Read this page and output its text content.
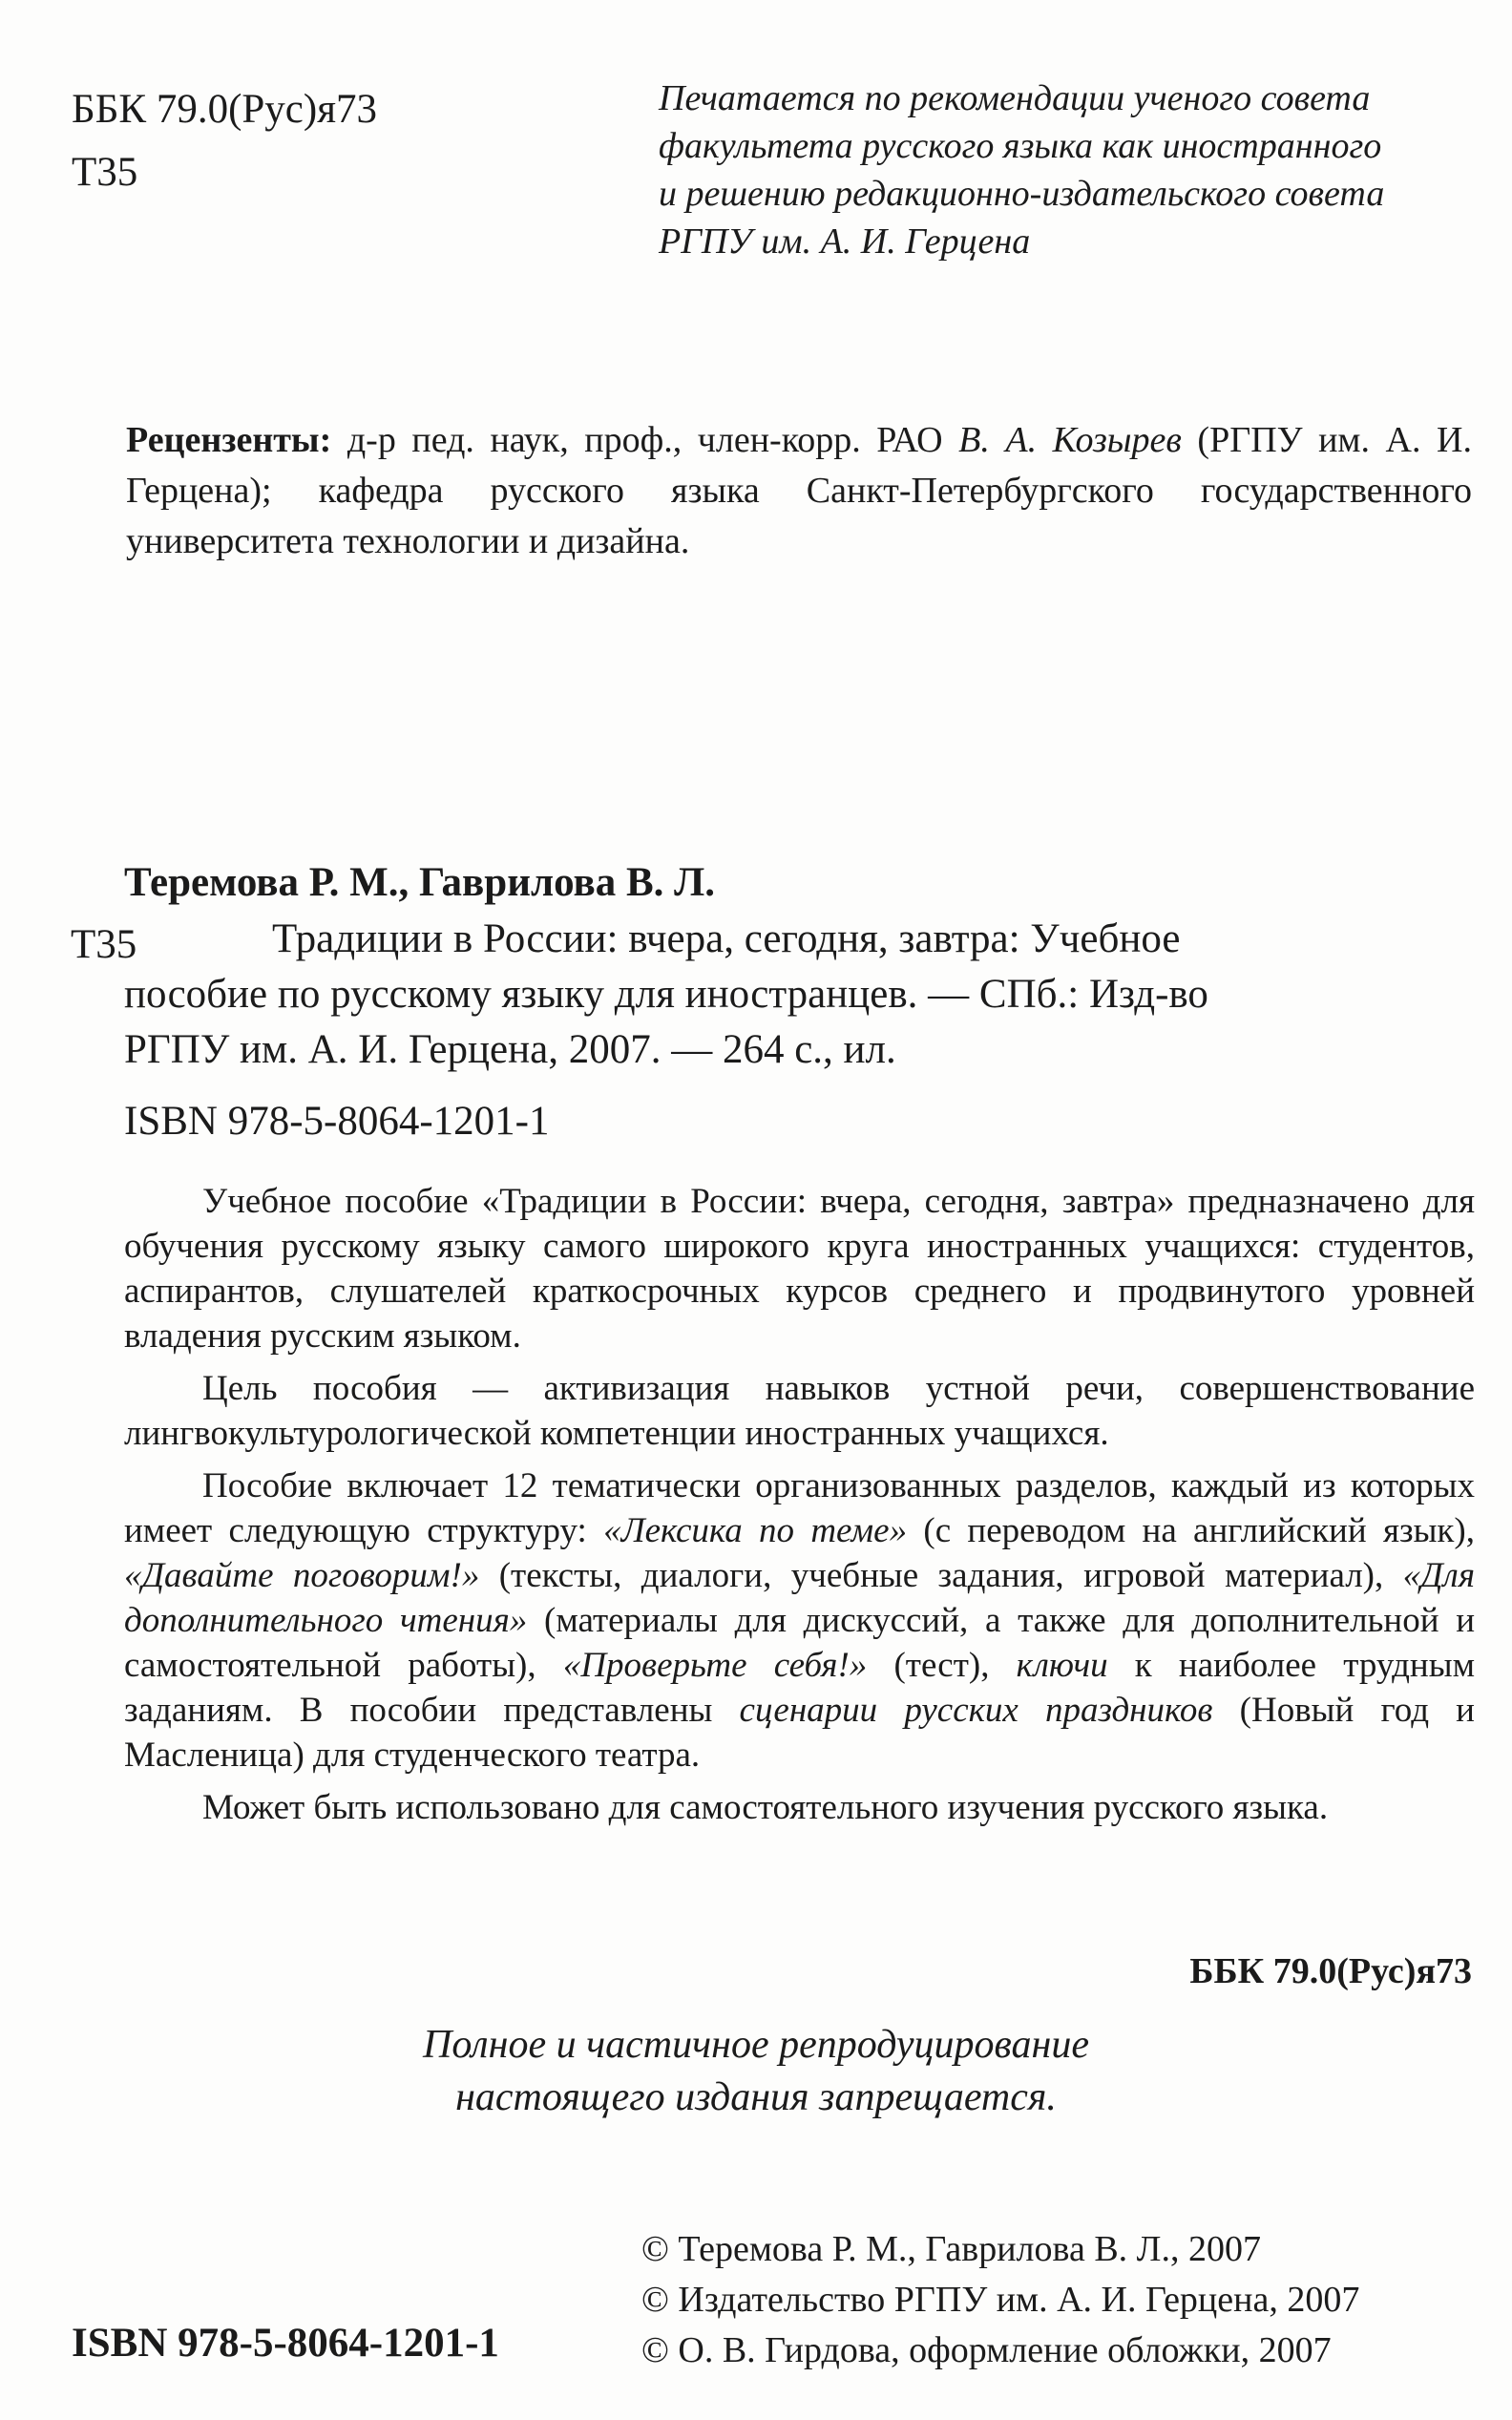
ББК 79.0(Рус)я73
Т35
Печатается по рекомендации ученого совета
факультета русского языка как иностранного
и решению редакционно-издательского совета
РГПУ им. А. И. Герцена
Рецензенты: д-р пед. наук, проф., член-корр. РАО В. А. Козырев (РГПУ им. А. И. Герцена); кафедра русского языка Санкт-Петербургского государственного университета технологии и дизайна.
Теремова Р. М., Гаврилова В. Л.
Т35	Традиции в России: вчера, сегодня, завтра: Учебное
пособие по русскому языку для иностранцев. — СПб.: Изд-во
РГПУ им. А. И. Герцена, 2007. — 264 с., ил.
ISBN 978-5-8064-1201-1

Учебное пособие «Традиции в России: вчера, сегодня, завтра» предназначено для обучения русскому языку самого широкого круга иностранных учащихся: студентов, аспирантов, слушателей краткосрочных курсов среднего и продвинутого уровней владения русским языком.

Цель пособия — активизация навыков устной речи, совершенствование лингвокультурологической компетенции иностранных учащихся.

Пособие включает 12 тематически организованных разделов, каждый из которых имеет следующую структуру: «Лексика по теме» (с переводом на английский язык), «Давайте поговорим!» (тексты, диалоги, учебные задания, игровой материал), «Для дополнительного чтения» (материалы для дискуссий, а также для дополнительной и самостоятельной работы), «Проверьте себя!» (тест), ключи к наиболее трудным заданиям. В пособии представлены сценарии русских праздников (Новый год и Масленица) для студенческого театра.

Может быть использовано для самостоятельного изучения русского языка.

ББК 79.0(Рус)я73
Полное и частичное репродуцирование
настоящего издания запрещается.
© Теремова Р. М., Гаврилова В. Л., 2007
© Издательство РГПУ им. А. И. Герцена, 2007
© О. В. Гирдова, оформление обложки, 2007
ISBN 978-5-8064-1201-1
